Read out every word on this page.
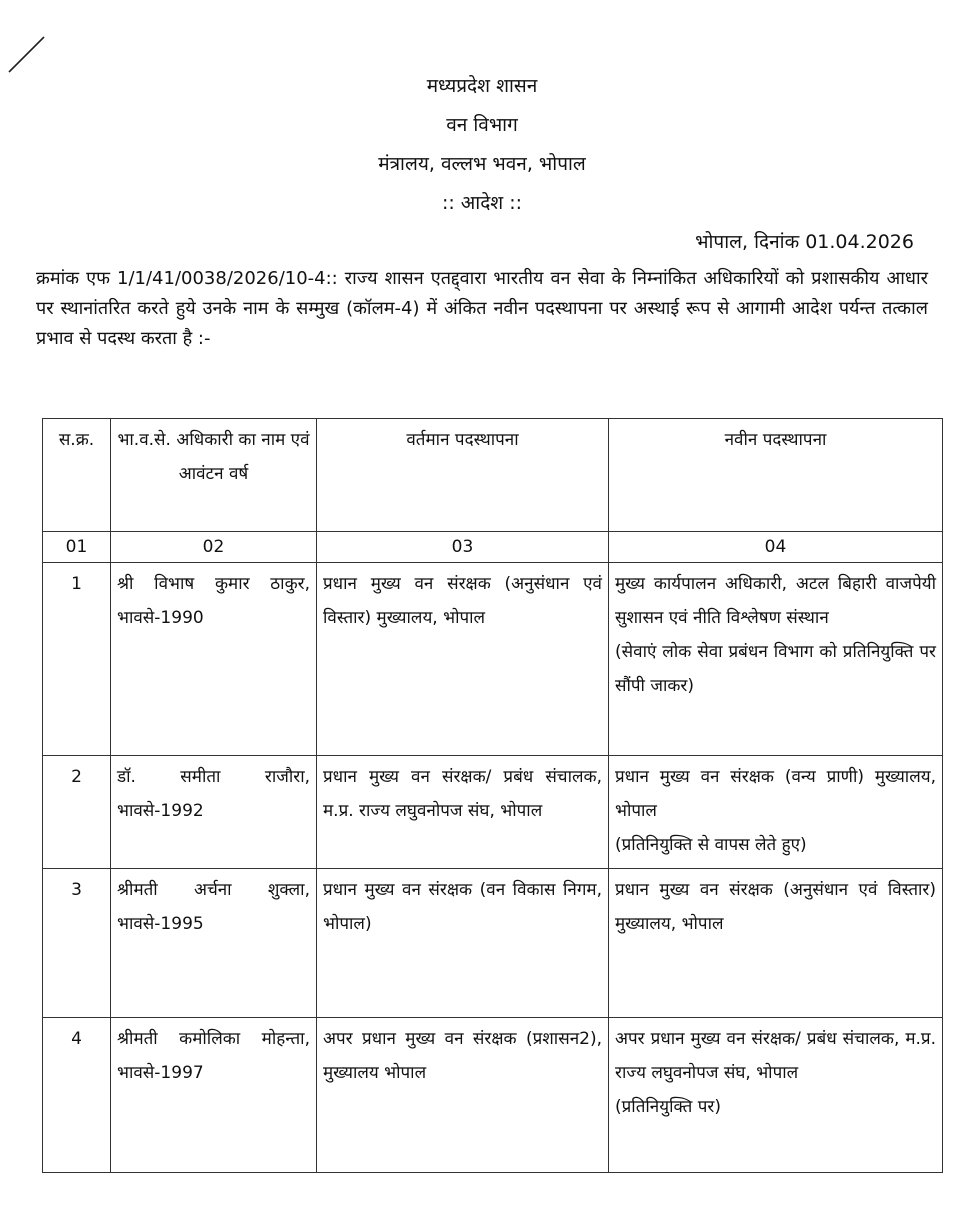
मध्यप्रदेश शासन
वन विभाग
मंत्रालय, वल्लभ भवन, भोपाल
:: आदेश ::
भोपाल, दिनांक 01.04.2026
क्रमांक एफ 1/1/41/0038/2026/10-4:: राज्य शासन एतद्द्वारा भारतीय वन सेवा के निम्नांकित अधिकारियों को प्रशासकीय आधार पर स्थानांतरित करते हुये उनके नाम के सम्मुख (कॉलम-4) में अंकित नवीन पदस्थापना पर अस्थाई रूप से आगामी आदेश पर्यन्त तत्काल प्रभाव से पदस्थ करता है :-
स.क्र.	भा.व.से. अधिकारी का नाम एवं आवंटन वर्ष	वर्तमान पदस्थापना	नवीन पदस्थापना
01	02	03	04
1	श्री विभाष कुमार ठाकुर, भावसे-1990	प्रधान मुख्य वन संरक्षक (अनुसंधान एवं विस्तार) मुख्यालय, भोपाल	मुख्य कार्यपालन अधिकारी, अटल बिहारी वाजपेयी सुशासन एवं नीति विश्लेषण संस्थान
(सेवाएं लोक सेवा प्रबंधन विभाग को प्रतिनियुक्ति पर सौंपी जाकर)

2	डॉ. समीता राजौरा, भावसे-1992	प्रधान मुख्य वन संरक्षक/ प्रबंध संचालक, म.प्र. राज्य लघुवनोपज संघ, भोपाल	प्रधान मुख्य वन संरक्षक (वन्य प्राणी) मुख्यालय, भोपाल
(प्रतिनियुक्ति से वापस लेते हुए)

3	श्रीमती अर्चना शुक्ला, भावसे-1995	प्रधान मुख्य वन संरक्षक (वन विकास निगम, भोपाल)	प्रधान मुख्य वन संरक्षक (अनुसंधान एवं विस्तार) मुख्यालय, भोपाल

4	श्रीमती कमोलिका मोहन्ता, भावसे-1997	अपर प्रधान मुख्य वन संरक्षक (प्रशासन2), मुख्यालय भोपाल	अपर प्रधान मुख्य वन संरक्षक/ प्रबंध संचालक, म.प्र. राज्य लघुवनोपज संघ, भोपाल
(प्रतिनियुक्ति पर)
